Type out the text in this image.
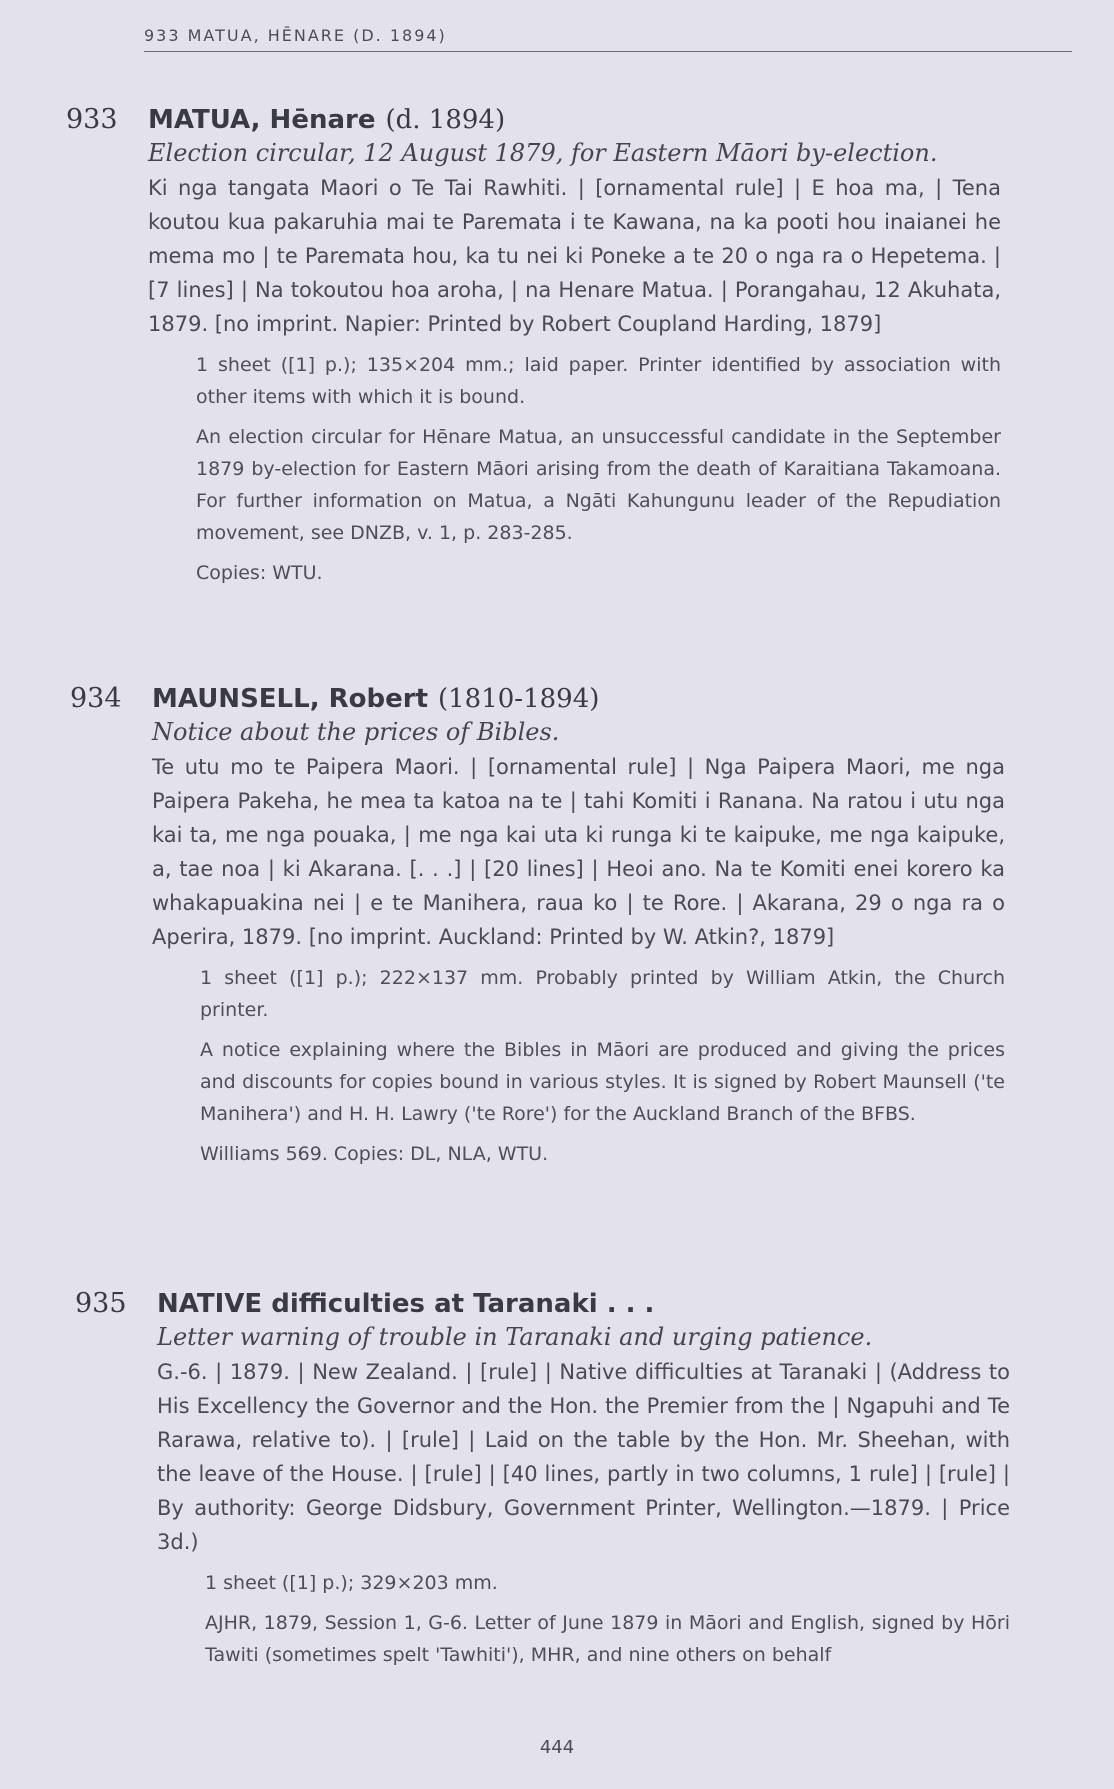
933 MATUA, HĒNARE (D. 1894)
933	MATUA, Hēnare (d. 1894)
Election circular, 12 August 1879, for Eastern Māori by-election.
Ki nga tangata Maori o Te Tai Rawhiti. | [ornamental rule] | E hoa ma, | Tena koutou kua pakaruhia mai te Paremata i te Kawana, na ka pooti hou inaianei he mema mo | te Paremata hou, ka tu nei ki Poneke a te 20 o nga ra o Hepetema. | [7 lines] | Na tokoutou hoa aroha, | na Henare Matua. | Porangahau, 12 Akuhata, 1879. [no imprint. Napier: Printed by Robert Coupland Harding, 1879]

1 sheet ([1] p.); 135×204 mm.; laid paper. Printer identified by association with other items with which it is bound.

An election circular for Hēnare Matua, an unsuccessful candidate in the September 1879 by-election for Eastern Māori arising from the death of Karaitiana Takamoana. For further information on Matua, a Ngāti Kahungunu leader of the Repudiation movement, see DNZB, v. 1, p. 283-285.

Copies: WTU.

934	MAUNSELL, Robert (1810-1894)
Notice about the prices of Bibles.
Te utu mo te Paipera Maori. | [ornamental rule] | Nga Paipera Maori, me nga Paipera Pakeha, he mea ta katoa na te | tahi Komiti i Ranana. Na ratou i utu nga kai ta, me nga pouaka, | me nga kai uta ki runga ki te kaipuke, me nga kaipuke, a, tae noa | ki Akarana. [. . .] | [20 lines] | Heoi ano. Na te Komiti enei korero ka whakapuakina nei | e te Manihera, raua ko | te Rore. | Akarana, 29 o nga ra o Aperira, 1879. [no imprint. Auckland: Printed by W. Atkin?, 1879]

1 sheet ([1] p.); 222×137 mm. Probably printed by William Atkin, the Church printer.

A notice explaining where the Bibles in Māori are produced and giving the prices and discounts for copies bound in various styles. It is signed by Robert Maunsell ('te Manihera') and H. H. Lawry ('te Rore') for the Auckland Branch of the BFBS.

Williams 569. Copies: DL, NLA, WTU.

935	NATIVE difficulties at Taranaki . . .
Letter warning of trouble in Taranaki and urging patience.
G.-6. | 1879. | New Zealand. | [rule] | Native difficulties at Taranaki | (Address to His Excellency the Governor and the Hon. the Premier from the | Ngapuhi and Te Rarawa, relative to). | [rule] | Laid on the table by the Hon. Mr. Sheehan, with the leave of the House. | [rule] | [40 lines, partly in two columns, 1 rule] | [rule] | By authority: George Didsbury, Government Printer, Wellington.—1879. | Price 3d.)

1 sheet ([1] p.); 329×203 mm.

AJHR, 1879, Session 1, G-6. Letter of June 1879 in Māori and English, signed by Hōri Tawiti (sometimes spelt 'Tawhiti'), MHR, and nine others on behalf

444
